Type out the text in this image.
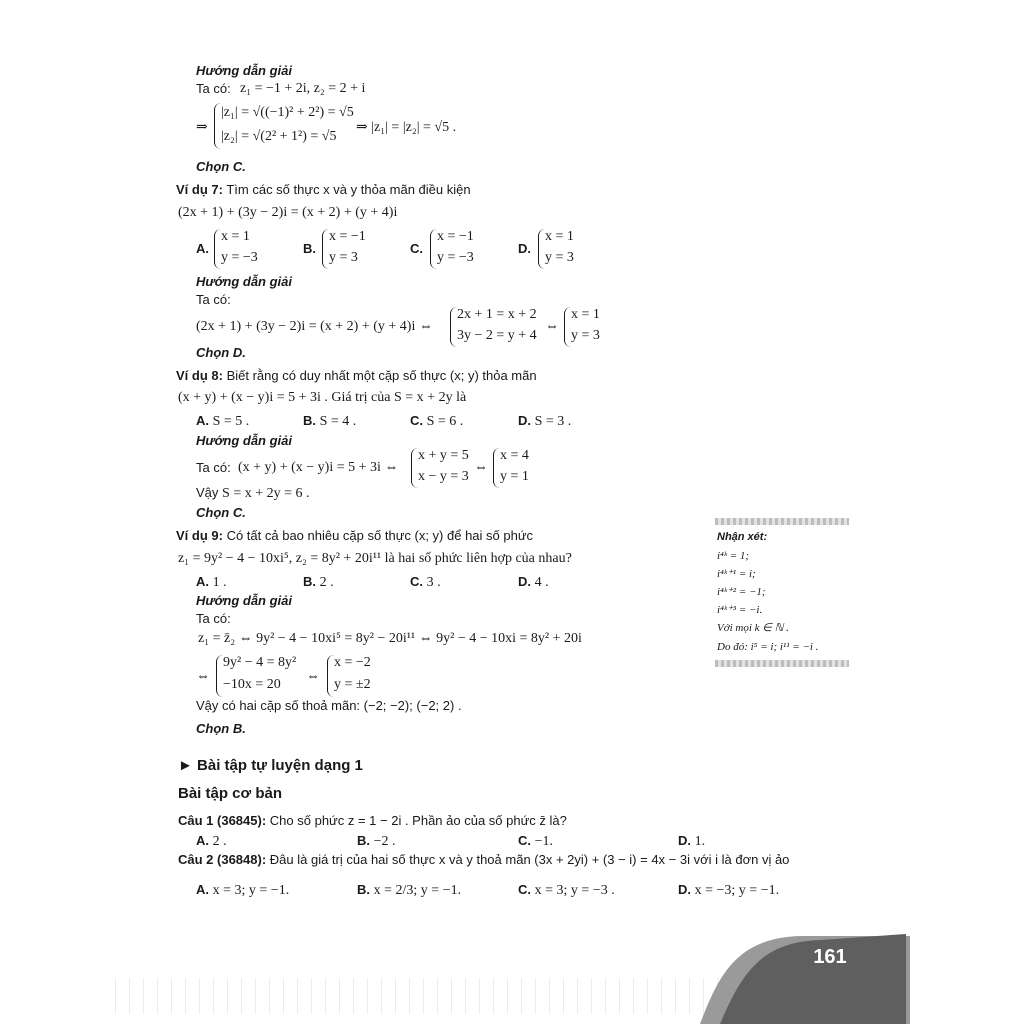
Hướng dẫn giải
Ta có: z₁ = −1 + 2i, z₂ = 2 + i
⇒
|z₁| = √((−1)² + 2²) = √5
|z₂| = √(2² + 1²) = √5
⇒ |z₁| = |z₂| = √5 .
Chọn C.
Ví dụ 7: Tìm các số thực x và y thỏa mãn điều kiện
(2x + 1) + (3y − 2)i = (x + 2) + (y + 4)i
A.
x = 1
y = −3
B.
x = −1
y = 3
C.
x = −1
y = −3
D.
x = 1
y = 3
Hướng dẫn giải
Ta có:
(2x + 1) + (3y − 2)i = (x + 2) + (y + 4)i ⇔
2x + 1 = x + 2
3y − 2 = y + 4
⇔
x = 1
y = 3
Chọn D.
Ví dụ 8: Biết rằng có duy nhất một cặp số thực (x; y) thỏa mãn
(x + y) + (x − y)i = 5 + 3i . Giá trị của S = x + 2y là
A. S = 5 .	B. S = 4 .	C. S = 6 .	D. S = 3 .
Hướng dẫn giải
Ta có: (x + y) + (x − y)i = 5 + 3i ⇔
x + y = 5
x − y = 3
⇔
x = 4
y = 1
Vậy S = x + 2y = 6 .
Chọn C.
Ví dụ 9: Có tất cả bao nhiêu cặp số thực (x; y) để hai số phức
z₁ = 9y² − 4 − 10xi⁵, z₂ = 8y² + 20i¹¹ là hai số phức liên hợp của nhau?
A. 1 .	B. 2 .	C. 3 .	D. 4 .
Hướng dẫn giải
Ta có:
z₁ = z̄₂ ⇔ 9y² − 4 − 10xi⁵ = 8y² − 20i¹¹ ⇔ 9y² − 4 − 10xi = 8y² + 20i
⇔
9y² − 4 = 8y²
−10x = 20
⇔
x = −2
y = ±2
Vậy có hai cặp số thoả mãn: (−2; −2); (−2; 2) .
Chọn B.
Nhận xét:
i⁴ᵏ = 1;
i⁴ᵏ⁺¹ = i;
i⁴ᵏ⁺² = −1;
i⁴ᵏ⁺³ = −i.
Với mọi k ∈ ℕ .
Do đó: i⁵ = i; i¹¹ = −i .
► Bài tập tự luyện dạng 1
Bài tập cơ bản
Câu 1 (36845): Cho số phức z = 1 − 2i . Phần ảo của số phức z̄ là?
A. 2 .	B. −2 .	C. −1.	D. 1.
Câu 2 (36848): Đâu là giá trị của hai số thực x và y thoả mãn (3x + 2yi) + (3 − i) = 4x − 3i với i là đơn vị ảo
A. x = 3; y = −1.	B. x = 2/3; y = −1.	C. x = 3; y = −3 .	D. x = −3; y = −1.
161
